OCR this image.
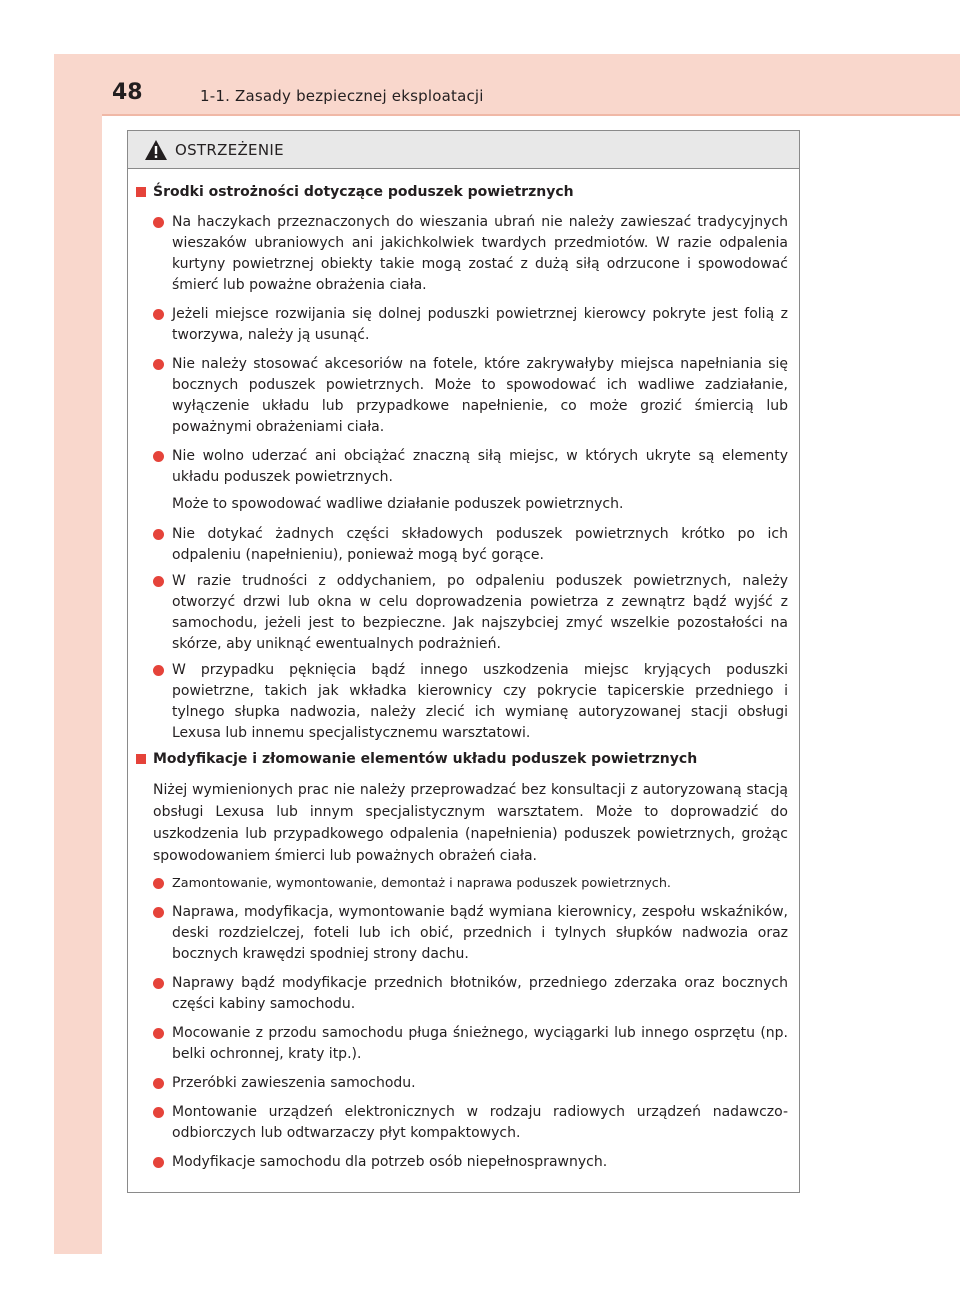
48	1-1. Zasady bezpiecznej eksploatacji
OSTRZEŻENIE
Środki ostrożności dotyczące poduszek powietrznych
Na haczykach przeznaczonych do wieszania ubrań nie należy zawieszać tradycyjnych wieszaków ubraniowych ani jakichkolwiek twardych przedmiotów. W razie odpalenia kurtyny powietrznej obiekty takie mogą zostać z dużą siłą odrzucone i spowodować śmierć lub poważne obrażenia ciała.
Jeżeli miejsce rozwijania się dolnej poduszki powietrznej kierowcy pokryte jest folią z tworzywa, należy ją usunąć.
Nie należy stosować akcesoriów na fotele, które zakrywałyby miejsca napełniania się bocznych poduszek powietrznych. Może to spowodować ich wadliwe zadziałanie, wyłączenie układu lub przypadkowe napełnienie, co może grozić śmiercią lub poważnymi obrażeniami ciała.
Nie wolno uderzać ani obciążać znaczną siłą miejsc, w których ukryte są elementy układu poduszek powietrznych.
Może to spowodować wadliwe działanie poduszek powietrznych.
Nie dotykać żadnych części składowych poduszek powietrznych krótko po ich odpaleniu (napełnieniu), ponieważ mogą być gorące.
W razie trudności z oddychaniem, po odpaleniu poduszek powietrznych, należy otworzyć drzwi lub okna w celu doprowadzenia powietrza z zewnątrz bądź wyjść z samochodu, jeżeli jest to bezpieczne. Jak najszybciej zmyć wszelkie pozostałości na skórze, aby uniknąć ewentualnych podrażnień.
W przypadku pęknięcia bądź innego uszkodzenia miejsc kryjących poduszki powietrzne, takich jak wkładka kierownicy czy pokrycie tapicerskie przedniego i tylnego słupka nadwozia, należy zlecić ich wymianę autoryzowanej stacji obsługi Lexusa lub innemu specjalistycznemu warsztatowi.
Modyfikacje i złomowanie elementów układu poduszek powietrznych
Niżej wymienionych prac nie należy przeprowadzać bez konsultacji z autoryzowaną stacją obsługi Lexusa lub innym specjalistycznym warsztatem. Może to doprowadzić do uszkodzenia lub przypadkowego odpalenia (napełnienia) poduszek powietrznych, grożąc spowodowaniem śmierci lub poważnych obrażeń ciała.
Zamontowanie, wymontowanie, demontaż i naprawa poduszek powietrznych.
Naprawa, modyfikacja, wymontowanie bądź wymiana kierownicy, zespołu wskaźników, deski rozdzielczej, foteli lub ich obić, przednich i tylnych słupków nadwozia oraz bocznych krawędzi spodniej strony dachu.
Naprawy bądź modyfikacje przednich błotników, przedniego zderzaka oraz bocznych części kabiny samochodu.
Mocowanie z przodu samochodu pługa śnieżnego, wyciągarki lub innego osprzętu (np. belki ochronnej, kraty itp.).
Przeróbki zawieszenia samochodu.
Montowanie urządzeń elektronicznych w rodzaju radiowych urządzeń nadawczo-odbiorczych lub odtwarzaczy płyt kompaktowych.
Modyfikacje samochodu dla potrzeb osób niepełnosprawnych.
